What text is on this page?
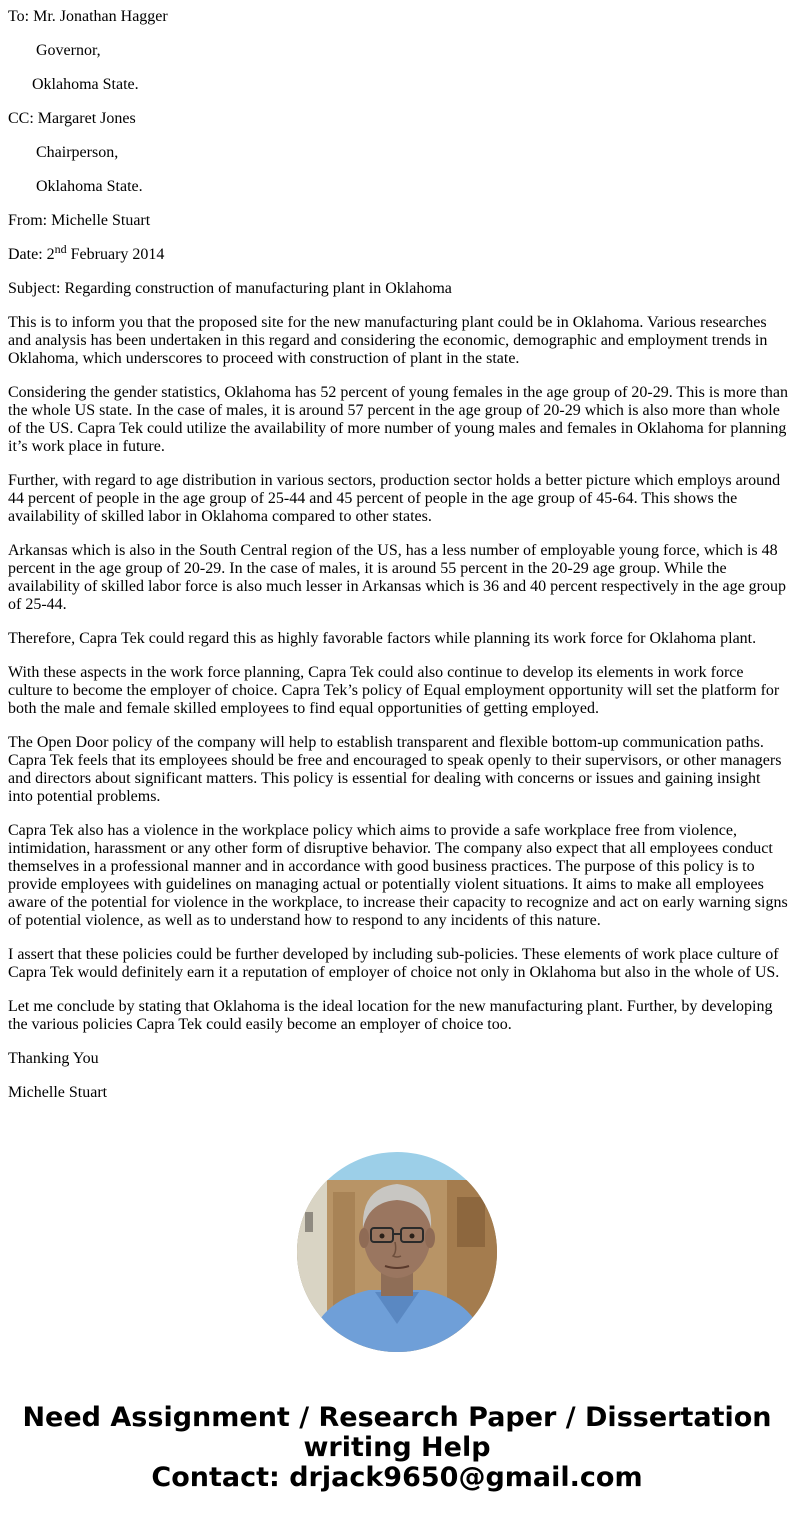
To: Mr. Jonathan Hagger

Governor,

Oklahoma State.

CC: Margaret Jones

Chairperson,

Oklahoma State.

From: Michelle Stuart

Date: 2nd February 2014

Subject: Regarding construction of manufacturing plant in Oklahoma

This is to inform you that the proposed site for the new manufacturing plant could be in Oklahoma. Various researches and analysis has been undertaken in this regard and considering the economic, demographic and employment trends in Oklahoma, which underscores to proceed with construction of plant in the state.

Considering the gender statistics, Oklahoma has 52 percent of young females in the age group of 20-29. This is more than the whole US state. In the case of males, it is around 57 percent in the age group of 20-29 which is also more than whole of the US. Capra Tek could utilize the availability of more number of young males and females in Oklahoma for planning it’s work place in future.

Further, with regard to age distribution in various sectors, production sector holds a better picture which employs around 44 percent of people in the age group of 25-44 and 45 percent of people in the age group of 45-64. This shows the availability of skilled labor in Oklahoma compared to other states.

Arkansas which is also in the South Central region of the US, has a less number of employable young force, which is 48 percent in the age group of 20-29. In the case of males, it is around 55 percent in the 20-29 age group. While the availability of skilled labor force is also much lesser in Arkansas which is 36 and 40 percent respectively in the age group of 25-44.

Therefore, Capra Tek could regard this as highly favorable factors while planning its work force for Oklahoma plant.

With these aspects in the work force planning, Capra Tek could also continue to develop its elements in work force culture to become the employer of choice. Capra Tek’s policy of Equal employment opportunity will set the platform for both the male and female skilled employees to find equal opportunities of getting employed.

The Open Door policy of the company will help to establish transparent and flexible bottom-up communication paths. Capra Tek feels that its employees should be free and encouraged to speak openly to their supervisors, or other managers and directors about significant matters. This policy is essential for dealing with concerns or issues and gaining insight into potential problems.

Capra Tek also has a violence in the workplace policy which aims to provide a safe workplace free from violence, intimidation, harassment or any other form of disruptive behavior. The company also expect that all employees conduct themselves in a professional manner and in accordance with good business practices. The purpose of this policy is to provide employees with guidelines on managing actual or potentially violent situations. It aims to make all employees aware of the potential for violence in the workplace, to increase their capacity to recognize and act on early warning signs of potential violence, as well as to understand how to respond to any incidents of this nature.

I assert that these policies could be further developed by including sub-policies. These elements of work place culture of Capra Tek would definitely earn it a reputation of employer of choice not only in Oklahoma but also in the whole of US.

Let me conclude by stating that Oklahoma is the ideal location for the new manufacturing plant. Further, by developing the various policies Capra Tek could easily become an employer of choice too.

Thanking You

Michelle Stuart

Need Assignment / Research Paper / Dissertation
writing Help
Contact: drjack9650@gmail.com
